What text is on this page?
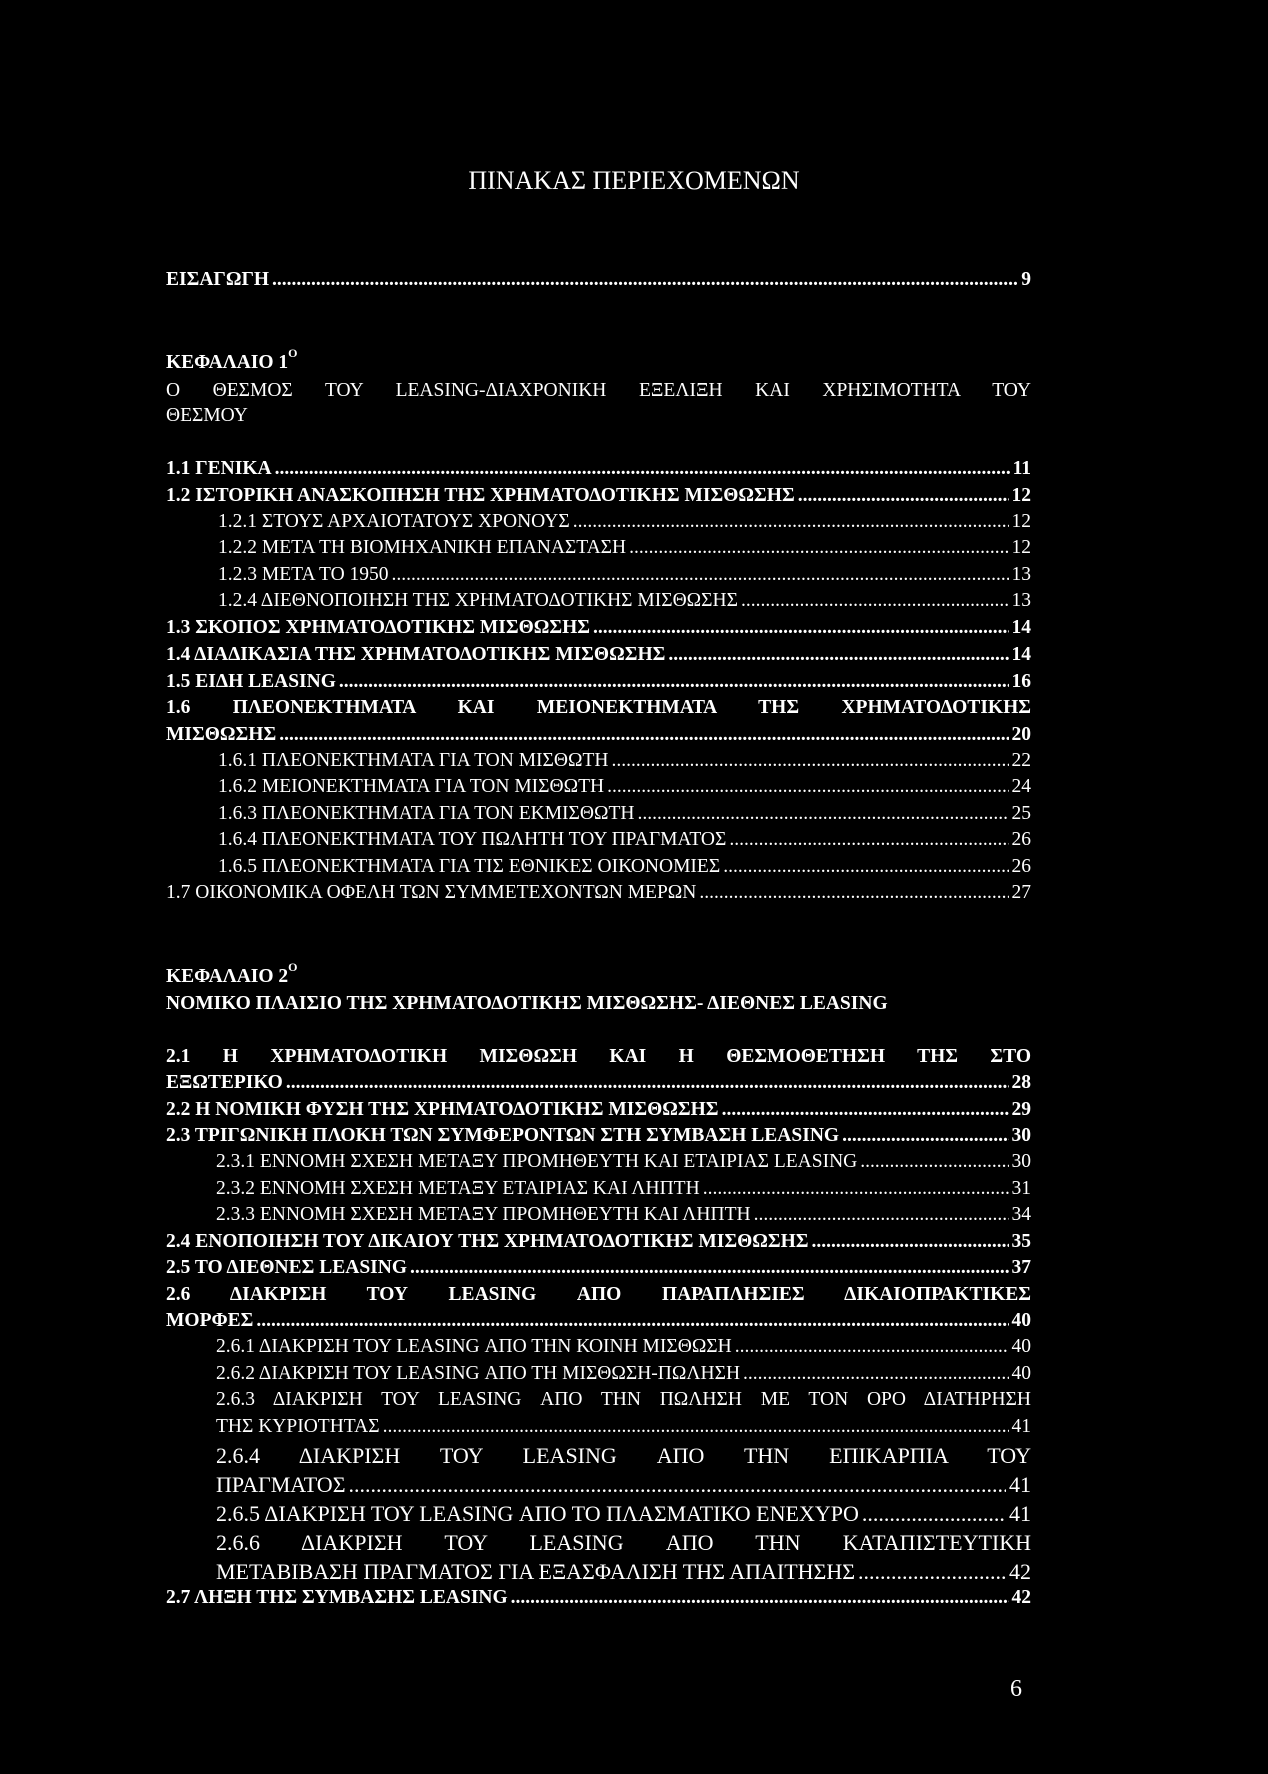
ΠΙΝΑΚΑΣ ΠΕΡΙΕΧΟΜΕΝΩΝ
ΕΙΣΑΓΩΓΗ .....	9
ΚΕΦΑΛΑΙΟ $1^O$
Ο ΘΕΣΜΟΣ ΤΟΥ LEASING-ΔΙΑΧΡΟΝΙΚΗ ΕΞΕΛΙΞΗ ΚΑΙ ΧΡΗΣΙΜΟΤΗΤΑ ΤΟΥ
ΘΕΣΜΟΥ
1.1 ΓΕΝΙΚΑ .....	11
1.2 ΙΣΤΟΡΙΚΗ ΑΝΑΣΚΟΠΗΣΗ ΤΗΣ ΧΡΗΜΑΤΟΔΟΤΙΚΗΣ ΜΙΣΘΩΣΗΣ .....	12
1.2.1 ΣΤΟΥΣ ΑΡΧΑΙΟΤΑΤΟΥΣ ΧΡΟΝΟΥΣ .....	12
1.2.2 ΜΕΤΑ ΤΗ ΒΙΟΜΗΧΑΝΙΚΗ ΕΠΑΝΑΣΤΑΣΗ .....	12
1.2.3 ΜΕΤΑ ΤΟ 1950 .....	13
1.2.4 ΔΙΕΘΝΟΠΟΙΗΣΗ ΤΗΣ ΧΡΗΜΑΤΟΔΟΤΙΚΗΣ ΜΙΣΘΩΣΗΣ .....	13
1.3 ΣΚΟΠΟΣ ΧΡΗΜΑΤΟΔΟΤΙΚΗΣ ΜΙΣΘΩΣΗΣ .....	14
1.4 ΔΙΑΔΙΚΑΣΙΑ ΤΗΣ ΧΡΗΜΑΤΟΔΟΤΙΚΗΣ ΜΙΣΘΩΣΗΣ .....	14
1.5 ΕΙΔΗ LEASING .....	16
1.6 ΠΛΕΟΝΕΚΤΗΜΑΤΑ ΚΑΙ ΜΕΙΟΝΕΚΤΗΜΑΤΑ ΤΗΣ ΧΡΗΜΑΤΟΔΟΤΙΚΗΣ
ΜΙΣΘΩΣΗΣ .....	20
1.6.1 ΠΛΕΟΝΕΚΤΗΜΑΤΑ ΓΙΑ ΤΟΝ ΜΙΣΘΩΤΗ .....	22
1.6.2 ΜΕΙΟΝΕΚΤΗΜΑΤΑ ΓΙΑ ΤΟΝ ΜΙΣΘΩΤΗ .....	24
1.6.3 ΠΛΕΟΝΕΚΤΗΜΑΤΑ ΓΙΑ ΤΟΝ ΕΚΜΙΣΘΩΤΗ .....	25
1.6.4 ΠΛΕΟΝΕΚΤΗΜΑΤΑ ΤΟΥ ΠΩΛΗΤΗ ΤΟΥ ΠΡΑΓΜΑΤΟΣ .....	26
1.6.5 ΠΛΕΟΝΕΚΤΗΜΑΤΑ ΓΙΑ ΤΙΣ ΕΘΝΙΚΕΣ ΟΙΚΟΝΟΜΙΕΣ .....	26
1.7 ΟΙΚΟΝΟΜΙΚΑ ΟΦΕΛΗ ΤΩΝ ΣΥΜΜΕΤΕΧΟΝΤΩΝ ΜΕΡΩΝ .....	27
ΚΕΦΑΛΑΙΟ $2^O$
ΝΟΜΙΚΟ ΠΛΑΙΣΙΟ ΤΗΣ ΧΡΗΜΑΤΟΔΟΤΙΚΗΣ ΜΙΣΘΩΣΗΣ- ΔΙΕΘΝΕΣ LEASING
2.1 Η ΧΡΗΜΑΤΟΔΟΤΙΚΗ ΜΙΣΘΩΣΗ ΚΑΙ Η ΘΕΣΜΟΘΕΤΗΣΗ ΤΗΣ ΣΤΟ
ΕΞΩΤΕΡΙΚΟ .....	28
2.2 Η ΝΟΜΙΚΗ ΦΥΣΗ ΤΗΣ ΧΡΗΜΑΤΟΔΟΤΙΚΗΣ ΜΙΣΘΩΣΗΣ .....	29
2.3 ΤΡΙΓΩΝΙΚΗ ΠΛΟΚΗ ΤΩΝ ΣΥΜΦΕΡΟΝΤΩΝ ΣΤΗ ΣΥΜΒΑΣΗ LEASING .....	30
2.3.1 ΕΝΝΟΜΗ ΣΧΕΣΗ ΜΕΤΑΞΥ ΠΡΟΜΗΘΕΥΤΗ ΚΑΙ ΕΤΑΙΡΙΑΣ LEASING .....	30
2.3.2 ΕΝΝΟΜΗ ΣΧΕΣΗ ΜΕΤΑΞΥ ΕΤΑΙΡΙΑΣ ΚΑΙ ΛΗΠΤΗ .....	31
2.3.3 ΕΝΝΟΜΗ ΣΧΕΣΗ ΜΕΤΑΞΥ ΠΡΟΜΗΘΕΥΤΗ ΚΑΙ ΛΗΠΤΗ .....	34
2.4 ΕΝΟΠΟΙΗΣΗ ΤΟΥ ΔΙΚΑΙΟΥ ΤΗΣ ΧΡΗΜΑΤΟΔΟΤΙΚΗΣ ΜΙΣΘΩΣΗΣ .....	35
2.5 ΤΟ ΔΙΕΘΝΕΣ LEASING .....	37
2.6 ΔΙΑΚΡΙΣΗ ΤΟΥ LEASING ΑΠΟ ΠΑΡΑΠΛΗΣΙΕΣ ΔΙΚΑΙΟΠΡΑΚΤΙΚΕΣ
ΜΟΡΦΕΣ .....	40
2.6.1 ΔΙΑΚΡΙΣΗ ΤΟΥ LEASING ΑΠΟ ΤΗΝ ΚΟΙΝΗ ΜΙΣΘΩΣΗ .....	40
2.6.2 ΔΙΑΚΡΙΣΗ ΤΟΥ LEASING ΑΠΟ ΤΗ ΜΙΣΘΩΣΗ-ΠΩΛΗΣΗ .....	40
2.6.3 ΔΙΑΚΡΙΣΗ ΤΟΥ LEASING ΑΠΟ ΤΗΝ ΠΩΛΗΣΗ ΜΕ ΤΟΝ ΟΡΟ ΔΙΑΤΗΡΗΣΗ
ΤΗΣ ΚΥΡΙΟΤΗΤΑΣ .....	41
2.6.4 ΔΙΑΚΡΙΣΗ ΤΟΥ LEASING ΑΠΟ ΤΗΝ ΕΠΙΚΑΡΠΙΑ ΤΟΥ
ΠΡΑΓΜΑΤΟΣ .....	41
2.6.5 ΔΙΑΚΡΙΣΗ ΤΟΥ LEASING ΑΠΟ ΤΟ ΠΛΑΣΜΑΤΙΚΟ ΕΝΕΧΥΡΟ .....	41
2.6.6 ΔΙΑΚΡΙΣΗ ΤΟΥ LEASING ΑΠΟ ΤΗΝ ΚΑΤΑΠΙΣΤΕΥΤΙΚΗ
ΜΕΤΑΒΙΒΑΣΗ ΠΡΑΓΜΑΤΟΣ ΓΙΑ ΕΞΑΣΦΑΛΙΣΗ ΤΗΣ ΑΠΑΙΤΗΣΗΣ .....	42
2.7 ΛΗΞΗ ΤΗΣ ΣΥΜΒΑΣΗΣ LEASING .....	42
6
